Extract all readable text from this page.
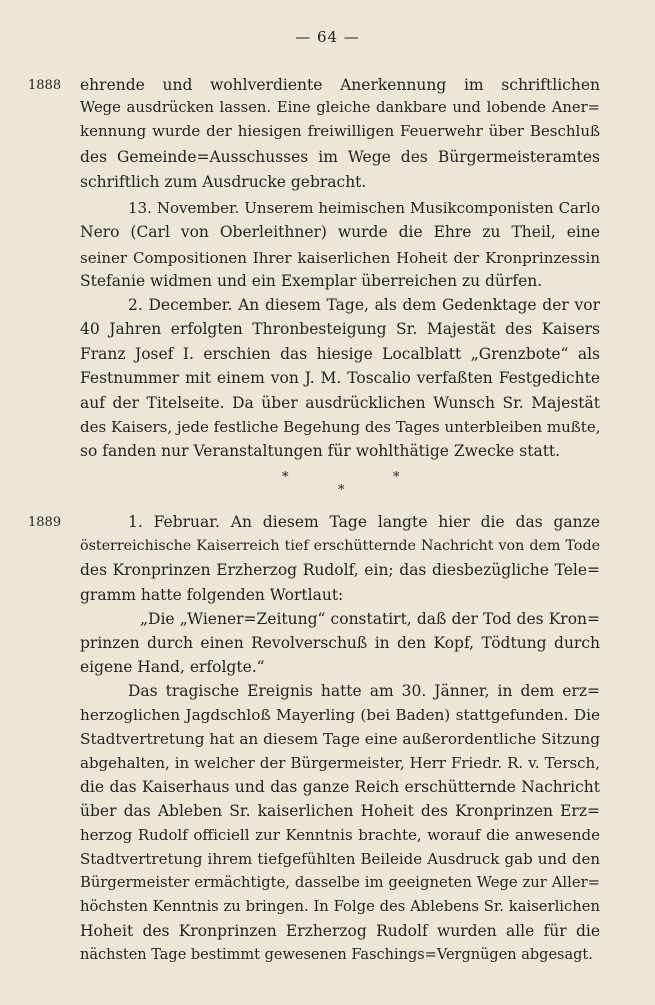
— 64 —
1888 ehrende und wohlverdiente Anerkennung im schriftlichen
Wege ausdrücken lassen. Eine gleiche dankbare und lobende Aner=
kennung wurde der hiesigen freiwilligen Feuerwehr über Beschluß
des Gemeinde=Ausschusses im Wege des Bürgermeisteramtes
schriftlich zum Ausdrucke gebracht.
13. November. Unserem heimischen Musikcomponisten Carlo
Nero (Carl von Oberleithner) wurde die Ehre zu Theil, eine
seiner Compositionen Ihrer kaiserlichen Hoheit der Kronprinzessin
Stefanie widmen und ein Exemplar überreichen zu dürfen.
2. December. An diesem Tage, als dem Gedenktage der vor
40 Jahren erfolgten Thronbesteigung Sr. Majestät des Kaisers
Franz Josef I. erschien das hiesige Localblatt „Grenzbote“ als
Festnummer mit einem von J. M. Toscalio verfaßten Festgedichte
auf der Titelseite. Da über ausdrücklichen Wunsch Sr. Majestät
des Kaisers, jede festliche Begehung des Tages unterbleiben mußte,
so fanden nur Veranstaltungen für wohlthätige Zwecke statt.
*	*
*
1889	1. Februar. An diesem Tage langte hier die das ganze
österreichische Kaiserreich tief erschütternde Nachricht von dem Tode
des Kronprinzen Erzherzog Rudolf, ein; das diesbezügliche Tele=
gramm hatte folgenden Wortlaut:
„Die „Wiener=Zeitung“ constatirt, daß der Tod des Kron=
prinzen durch einen Revolverschuß in den Kopf, Tödtung durch
eigene Hand, erfolgte.“
Das tragische Ereignis hatte am 30. Jänner, in dem erz=
herzoglichen Jagdschloß Mayerling (bei Baden) stattgefunden. Die
Stadtvertretung hat an diesem Tage eine außerordentliche Sitzung
abgehalten, in welcher der Bürgermeister, Herr Friedr. R. v. Tersch,
die das Kaiserhaus und das ganze Reich erschütternde Nachricht
über das Ableben Sr. kaiserlichen Hoheit des Kronprinzen Erz=
herzog Rudolf officiell zur Kenntnis brachte, worauf die anwesende
Stadtvertretung ihrem tiefgefühlten Beileide Ausdruck gab und den
Bürgermeister ermächtigte, dasselbe im geeigneten Wege zur Aller=
höchsten Kenntnis zu bringen. In Folge des Ablebens Sr. kaiserlichen
Hoheit des Kronprinzen Erzherzog Rudolf wurden alle für die
nächsten Tage bestimmt gewesenen Faschings=Vergnügen abgesagt.
